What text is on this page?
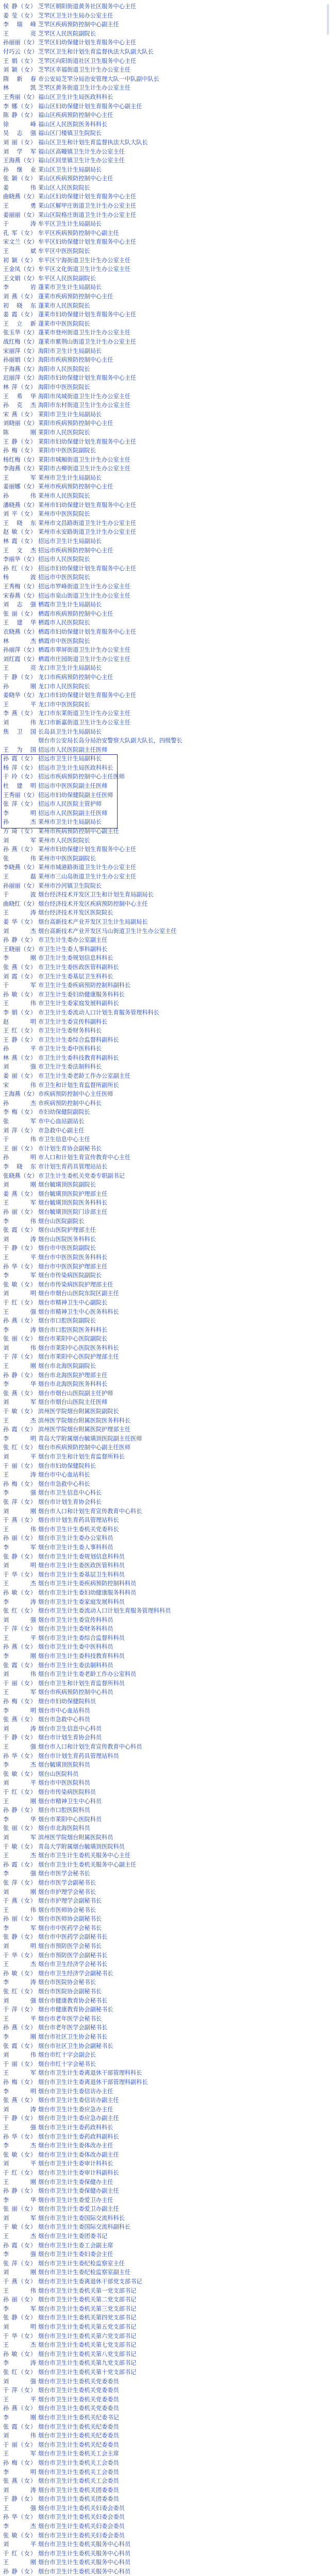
侯 静（女） 芝罘区朝阳街道黄务社区服务中心主任
姜 莹（女） 芝罘区卫生计生局办公室主任
李瑞峰 芝罘区疾病预防控制中心副主任
王 亮 芝罘区人民医院副院长
孙丽丽（女）芝罘区妇幼保健计划生育服务中心主任
付巧云（女）芝罘区卫生和计划生育监督执法大队副大队长
王 娟（女） 芝罘区向阳街道社区卫生服务中心主任
刘 颖（女） 芝罘区幸福街道卫生计生办公室主任
隋新春 市公安局芝罘分局治安管理大队一中队副中队长
林 凯 芝罘区黄务街道卫生计生办公室主任
王秀丽（女）福山区卫生计生局医政科科长
李 娜（女） 福山区妇幼保健计划生育服务中心副主任
陈 静（女） 福山区疾病预防控制中心主任
徐 峰 福山区人民医院医务科科长
吴志强 福山区门楼镇卫生院院长
刘 丽（女） 福山区卫生和计划生育监督执法大队大队长
刘学军 福山区高疃镇卫生计生办公室主任
王海燕（女）福山区回里镇卫生计生办公室主任
孙继业 莱山区卫生计生局副局长
张 颖（女） 莱山区疾病预防控制中心主任
姜 伟 莱山区人民医院院长
曲晓燕（女）莱山区妇幼保健计划生育服务中心主任
王 勇 莱山区解甲庄街道卫生计生办公室主任
姜丽丽（女）莱山区院格庄街道卫生计生办公室主任
于 涛 牟平区卫生计生局副局长
孔 军（女） 牟平区疾病预防控制中心副主任
宋文兰（女）牟平区妇幼保健计划生育服务中心主任
王 斌 牟平区中医医院院长
初 颖（女） 牟平区宁海街道卫生计生办公室主任
王金凤（女）牟平区文化街道卫生计生办公室主任
王文娟（女）牟平区人民医院副院长
李 岩 蓬莱市卫生计生局副局长
刘 燕（女） 蓬莱市疾病预防控制中心主任
初晓东 蓬莱市人民医院院长
姜 霞（女） 蓬莱市妇幼保健计划生育服务中心主任
王立新 蓬莱市中医医院院长
张玉华（女）蓬莱市登州街道卫生计生办公室主任
战红梅（女）蓬莱市紫荆山街道卫生计生办公室主任
宋丽萍（女）海阳市卫生计生局副局长
孙丽娟（女）海阳市疾病预防控制中心主任
于海燕（女）海阳市人民医院院长
迟丽萍（女）海阳市妇幼保健计划生育服务中心主任
林 萍（女） 海阳市中医医院院长
王希华 海阳市凤城街道卫生计生办公室主任
孙克杰 海阳市东村街道卫生计生办公室主任
宋 燕（女） 莱阳市卫生计生局副局长
刘晓丽（女）莱阳市疾病预防控制中心主任
陈 刚 莱阳市人民医院院长
王 静（女） 莱阳市妇幼保健计划生育服务中心主任
孙 梅（女） 莱阳市中医医院副院长
杨红梅（女）莱阳市城厢街道卫生计生办公室主任
李海燕（女）莱阳市古柳街道卫生计生办公室主任
王 军 莱州市卫生计生局副局长
姜丽娜（女）莱州市疾病预防控制中心主任
孙 伟 莱州市人民医院院长
潘晓燕（女）莱州市妇幼保健计划生育服务中心主任
刘 平（女） 莱州市中医医院院长
王晓东 莱州市文昌路街道卫生计生办公室主任
赵 敏（女） 莱州市永安路街道卫生计生办公室主任
林 霞（女） 招远市卫生计生局副局长
王文杰 招远市疾病预防控制中心主任
李丽华（女）招远市人民医院院长
孙 红（女） 招远市妇幼保健计划生育服务中心主任
杨 波 招远市中医医院院长
王秀梅（女）招远市罗峰街道卫生计生办公室主任
宋春燕（女）招远市泉山街道卫生计生办公室主任
刘志强 栖霞市卫生计生局副局长
张 丽（女） 栖霞市疾病预防控制中心主任
王建华 栖霞市人民医院院长
衣晓燕（女）栖霞市妇幼保健计划生育服务中心主任
林 杰 栖霞市中医医院院长
孙丽萍（女）栖霞市翠屏街道卫生计生办公室主任
刘红霞（女）栖霞市庄园街道卫生计生办公室主任
王 亮 龙口市卫生计生局副局长
于 静（女） 龙口市疾病预防控制中心主任
孙 刚 龙口市人民医院院长
姜晓华（女）龙口市妇幼保健计划生育服务中心主任
王 平 龙口市中医医院院长
李 燕（女） 龙口市东莱街道卫生计生办公室主任
刘 伟 龙口市新嘉街道卫生计生办公室主任
焦卫国 长岛县卫生计生局副局长
烟台市公安局长岛分局治安警察大队副大队长，四级警长
王为国 招远市人民医院副主任医师
孙 霞（女） 招远市卫生计生局副科长
杨 萍（女） 招远市卫生计生局医政科科长
于 玲（女） 招远市疾病预防控制中心主任医师
杜建明 招远市中医医院副主任医师
王秀丽（女）招远市妇幼保健院副主任医师
张 萍（女） 招远市人民医院主管护师
李 明 招远市人民医院副主任医师
孙 杰 莱州市卫生计生局副局长
方 琦（女） 莱州市疾病预防控制中心副主任
刘 军 莱州市人民医院院长
孙 燕（女） 莱州市妇幼保健计划生育服务中心主任
张 伟 莱州市中医医院副院长
李晓燕（女）莱州市城港路街道卫生计生办公室主任
王 磊 莱州市三山岛街道卫生计生办公室主任
孙丽丽（女）莱州市沙河镇卫生院院长
于 波 烟台经济技术开发区卫生和计划生育局副局长
曲晓红（女）烟台经济技术开发区疾病预防控制中心主任
王 涛 烟台经济技术开发区医院院长
姜 华（女） 烟台高新技术产业开发区卫生计生局副局长
刘 杰 烟台高新技术产业开发区马山街道卫生计生办公室主任
孙 静（女） 市卫生计生委办公室副主任
王晓丽（女）市卫生计生委人事科副科长
李 刚 市卫生计生委规划信息科科长
张 燕（女） 市卫生计生委医政医管科副科长
刘 霞（女） 市卫生计生委基层卫生科科长
于 军 市卫生计生委疾病预防控制科副科长
孙 敏（女） 市卫生计生委妇幼健康服务科科长
王 伟 市卫生计生委家庭发展科副科长
李 娟（女） 市卫生计生委流动人口计划生育服务管理科科长
赵 明 市卫生计生委宣传科副科长
王 红（女） 市卫生计生委财务科科长
王 静（女） 市卫生计生委综合监督科副科长
孙 平 市卫生计生委中医科科长
林 燕（女） 市卫生计生委科技教育科副科长
刘 强 市卫生计生委法制科科长
姜 丽（女） 市卫生计生委老龄工作办公室副主任
宋 伟 市卫生和计划生育监督所副所长
王海燕（女）市疾病预防控制中心主任医师
孙 杰 市疾病预防控制中心科长
李 梅（女） 市妇幼保健院副院长
张 军 市中心血站副站长
刘 萍（女） 市急救中心副主任
于 伟 市卫生信息中心主任
王 丽（女） 市计划生育协会副秘书长
孙 明 市人口和计划生育宣传教育中心主任
李晓东 市计划生育药具管理站站长
张晓燕（女）市卫生计生委机关党委专职副书记
刘 刚 烟台毓璜顶医院副院长
姜 燕（女） 烟台毓璜顶医院护理部主任
王 军 烟台毓璜顶医院医务科科长
孙 丽（女） 烟台毓璜顶医院门诊部主任
李 伟 烟台山医院副院长
张 霞（女） 烟台山医院护理部主任
刘 涛 烟台山医院医务科科长
于 静（女） 烟台市中医医院副院长
王 平 烟台市中医医院医务科科长
孙 华（女） 烟台市中医医院护理部主任
李 军 烟台市传染病医院副院长
张 敏（女） 烟台市传染病医院护理部主任
刘 明 烟台市烟台山医院东院区副主任
于 红（女） 烟台市精神卫生中心副院长
王 强 烟台市精神卫生中心医务科科长
孙 燕（女） 烟台市口腔医院副院长
李 涛 烟台市口腔医院医务科科长
张 丽（女） 烟台市莱阳中心医院副院长
刘 伟 烟台市莱阳中心医院医务科科长
于 萍（女） 烟台市莱阳中心医院护理部主任
王 刚 烟台市北海医院副院长
孙 静（女） 烟台市北海医院护理部主任
李 华 烟台市北海医院医务科科长
张 燕（女） 烟台市烟台山医院副主任护师
刘 军 烟台市烟台山医院主任医师
于 敏（女） 滨州医学院烟台附属医院副院长
王 杰 滨州医学院烟台附属医院医务科科长
孙 霞（女） 滨州医学院烟台附属医院护理部主任
李 明 青岛大学附属烟台毓璜顶医院副主任医师
张 红（女） 烟台市疾病预防控制中心副主任医师
刘 平 烟台市卫生和计划生育监督所科长
于 丽（女） 烟台市妇幼保健院科长
王 涛 烟台市中心血站科长
孙 梅（女） 烟台市急救中心科长
李 强 烟台市卫生信息中心科长
张 萍（女） 烟台市计划生育协会科长
刘 刚 烟台市人口和计划生育宣传教育中心科长
于 燕（女） 烟台市计划生育药具管理站科长
王 伟 烟台市卫生计生委机关党委科长
孙 丽（女） 烟台市卫生计生委办公室科员
李 军 烟台市卫生计生委人事科科员
张 静（女） 烟台市卫生计生委规划信息科科员
刘 明 烟台市卫生计生委医政医管科科员
于 华（女） 烟台市卫生计生委基层卫生科科员
王 杰 烟台市卫生计生委疾病预防控制科科员
孙 敏（女） 烟台市卫生计生委妇幼健康服务科科员
李 涛 烟台市卫生计生委家庭发展科科员
张 红（女） 烟台市卫生计生委流动人口计划生育服务管理科科员
刘 强 烟台市卫生计生委宣传科科员
于 萍（女） 烟台市卫生计生委财务科科员
王 平 烟台市卫生计生委综合监督科科员
孙 燕（女） 烟台市卫生计生委中医科科员
李 刚 烟台市卫生计生委科技教育科科员
张 霞（女） 烟台市卫生计生委法制科科员
刘 伟 烟台市卫生计生委老龄工作办公室科员
于 丽（女） 烟台市卫生和计划生育监督所科员
王 军 烟台市疾病预防控制中心科员
孙 梅（女） 烟台市妇幼保健院科员
李 明 烟台市中心血站科员
张 燕（女） 烟台市急救中心科员
刘 涛 烟台市卫生信息中心科员
于 静（女） 烟台市计划生育协会科员
王 强 烟台市人口和计划生育宣传教育中心科员
孙 华（女） 烟台市计划生育药具管理站科员
李 杰 烟台毓璜顶医院科员
张 敏（女） 烟台山医院科员
刘 平 烟台市中医医院科员
于 红（女） 烟台市传染病医院科员
王 刚 烟台市精神卫生中心科员
孙 静（女） 烟台市口腔医院科员
李 华 烟台市莱阳中心医院科员
张 丽（女） 烟台市北海医院科员
刘 军 滨州医学院烟台附属医院科员
于 敏（女） 青岛大学附属烟台毓璜顶医院科员
王 杰 烟台市卫生计生委机关服务中心主任
孙 霞（女） 烟台市卫生计生委机关服务中心副主任
李 强 烟台市医学会秘书长
张 萍（女） 烟台市医学会副秘书长
刘 刚 烟台市护理学会秘书长
于 燕（女） 烟台市护理学会副秘书长
王 伟 烟台市医师协会秘书长
孙 丽（女） 烟台市医师协会副秘书长
李 军 烟台市中医药学会秘书长
张 静（女） 烟台市中医药学会副秘书长
刘 明 烟台市预防医学会秘书长
于 华（女） 烟台市预防医学会副秘书长
王 杰 烟台市卫生经济学会秘书长
孙 敏（女） 烟台市卫生经济学会副秘书长
李 涛 烟台市医院协会秘书长
张 红（女） 烟台市医院协会副秘书长
刘 强 烟台市健康教育协会秘书长
于 萍（女） 烟台市健康教育协会副秘书长
王 平 烟台市老年医学会秘书长
孙 燕（女） 烟台市老年医学会副秘书长
李 刚 烟台市社区卫生协会秘书长
张 霞（女） 烟台市社区卫生协会副秘书长
刘 伟 烟台市红十字会副会长
于 丽（女） 烟台市红十字会秘书长
王 军 烟台市卫生计生委离退休干部管理科科长
孙 梅（女） 烟台市卫生计生委离退休干部管理科副科长
李 明 烟台市卫生计生委信访办主任
张 燕（女） 烟台市卫生计生委信访办副主任
刘 涛 烟台市卫生计生委应急办主任
于 静（女） 烟台市卫生计生委应急办副主任
王 强 烟台市卫生计生委药政科科长
孙 华（女） 烟台市卫生计生委药政科副科长
李 杰 烟台市卫生计生委体改办主任
张 敏（女） 烟台市卫生计生委体改办副主任
刘 平 烟台市卫生计生委审计科科长
于 红（女） 烟台市卫生计生委审计科副科长
王 刚 烟台市卫生计生委保健办主任
孙 静（女） 烟台市卫生计生委保健办副主任
李 华 烟台市卫生计生委爱卫办主任
张 丽（女） 烟台市卫生计生委爱卫办副主任
刘 军 烟台市卫生计生委国际交流科科长
于 敏（女） 烟台市卫生计生委国际交流科副科长
王 杰 烟台市卫生计生委团委书记
孙 霞（女） 烟台市卫生计生委工会副主席
李 强 烟台市卫生计生委妇委会主任
张 萍（女） 烟台市卫生计生委纪检监察室主任
刘 刚 烟台市卫生计生委纪检监察室副主任
于 燕（女） 烟台市卫生计生委离退休干部党支部书记
王 伟 烟台市卫生计生委机关第一党支部书记
孙 丽（女） 烟台市卫生计生委机关第二党支部书记
李 军 烟台市卫生计生委机关第三党支部书记
张 静（女） 烟台市卫生计生委机关第四党支部书记
刘 明 烟台市卫生计生委机关第五党支部书记
于 华（女） 烟台市卫生计生委机关第六党支部书记
王 杰 烟台市卫生计生委机关第七党支部书记
孙 敏（女） 烟台市卫生计生委机关第八党支部书记
李 涛 烟台市卫生计生委机关第九党支部书记
张 红（女） 烟台市卫生计生委机关第十党支部书记
刘 强 烟台市卫生计生委机关党委委员
于 萍（女） 烟台市卫生计生委机关党委委员
王 平 烟台市卫生计生委机关党委委员
孙 燕（女） 烟台市卫生计生委机关党委委员
李 刚 烟台市卫生计生委机关纪委书记
张 霞（女） 烟台市卫生计生委机关纪委委员
刘 伟 烟台市卫生计生委机关纪委委员
于 丽（女） 烟台市卫生计生委机关纪委委员
王 军 烟台市卫生计生委机关工会主席
孙 梅（女） 烟台市卫生计生委机关工会委员
李 明 烟台市卫生计生委机关工会委员
张 燕（女） 烟台市卫生计生委机关工会委员
刘 涛 烟台市卫生计生委机关团委委员
于 静（女） 烟台市卫生计生委机关团委委员
王 强 烟台市卫生计生委机关妇委会委员
孙 华（女） 烟台市卫生计生委机关妇委会委员
李 杰 烟台市卫生计生委机关妇委会委员
张 敏（女） 烟台市卫生计生委机关妇委会委员
刘 平 烟台市卫生计生委机关服务中心科员
于 红（女） 烟台市卫生计生委机关服务中心科员
王 刚 烟台市卫生计生委机关服务中心科员
孙 静（女） 烟台市卫生计生委机关服务中心科员
